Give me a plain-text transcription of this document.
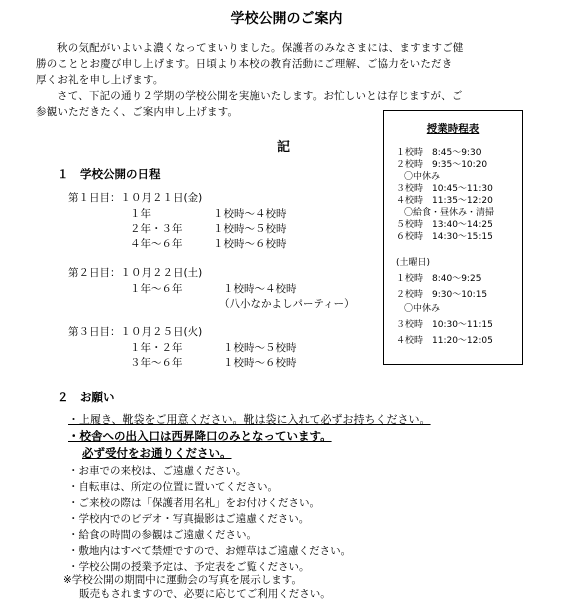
学校公開のご案内
秋の気配がいよいよ濃くなってまいりました。保護者のみなさまには、ますますご健
勝のこととお慶び申し上げます。日頃より本校の教育活動にご理解、ご協力をいただき
厚くお礼を申し上げます。
さて、下記の通り２学期の学校公開を実施いたします。お忙しいとは存じますが、ご
参観いただきたく、ご案内申し上げます。
記
１　学校公開の日程
第１日目：１０月２１日(金)
１年	１校時～４校時
２年・３年	１校時～５校時
４年～６年	１校時～６校時
第２日目：１０月２２日(土)
１年～６年	１校時～４校時
（八小なかよしパーティー）
第３日目：１０月２５日(火)
１年・２年	１校時～５校時
３年～６年	１校時～６校時
授業時程表
１校時　8:45～9:30
２校時　9:35～10:20
〇中休み
３校時　10:45～11:30
４校時　11:35～12:20
〇給食・昼休み・清掃
５校時　13:40～14:25
６校時　14:30～15:15
(土曜日)
１校時　8:40～9:25
２校時　9:30～10:15
〇中休み
３校時　10:30～11:15
４校時　11:20～12:05
２　お願い
・上履き、靴袋をご用意ください。靴は袋に入れて必ずお持ちください。
・校舎への出入口は西昇降口のみとなっています。
必ず受付をお通りください。
・お車での来校は、ご遠慮ください。
・自転車は、所定の位置に置いてください。
・ご来校の際は「保護者用名札」をお付けください。
・学校内でのビデオ・写真撮影はご遠慮ください。
・給食の時間の参観はご遠慮ください。
・敷地内はすべて禁煙ですので、お煙草はご遠慮ください。
・学校公開の授業予定は、予定表をご覧ください。
※学校公開の期間中に運動会の写真を展示します。
販売もされますので、必要に応じてご利用ください。
